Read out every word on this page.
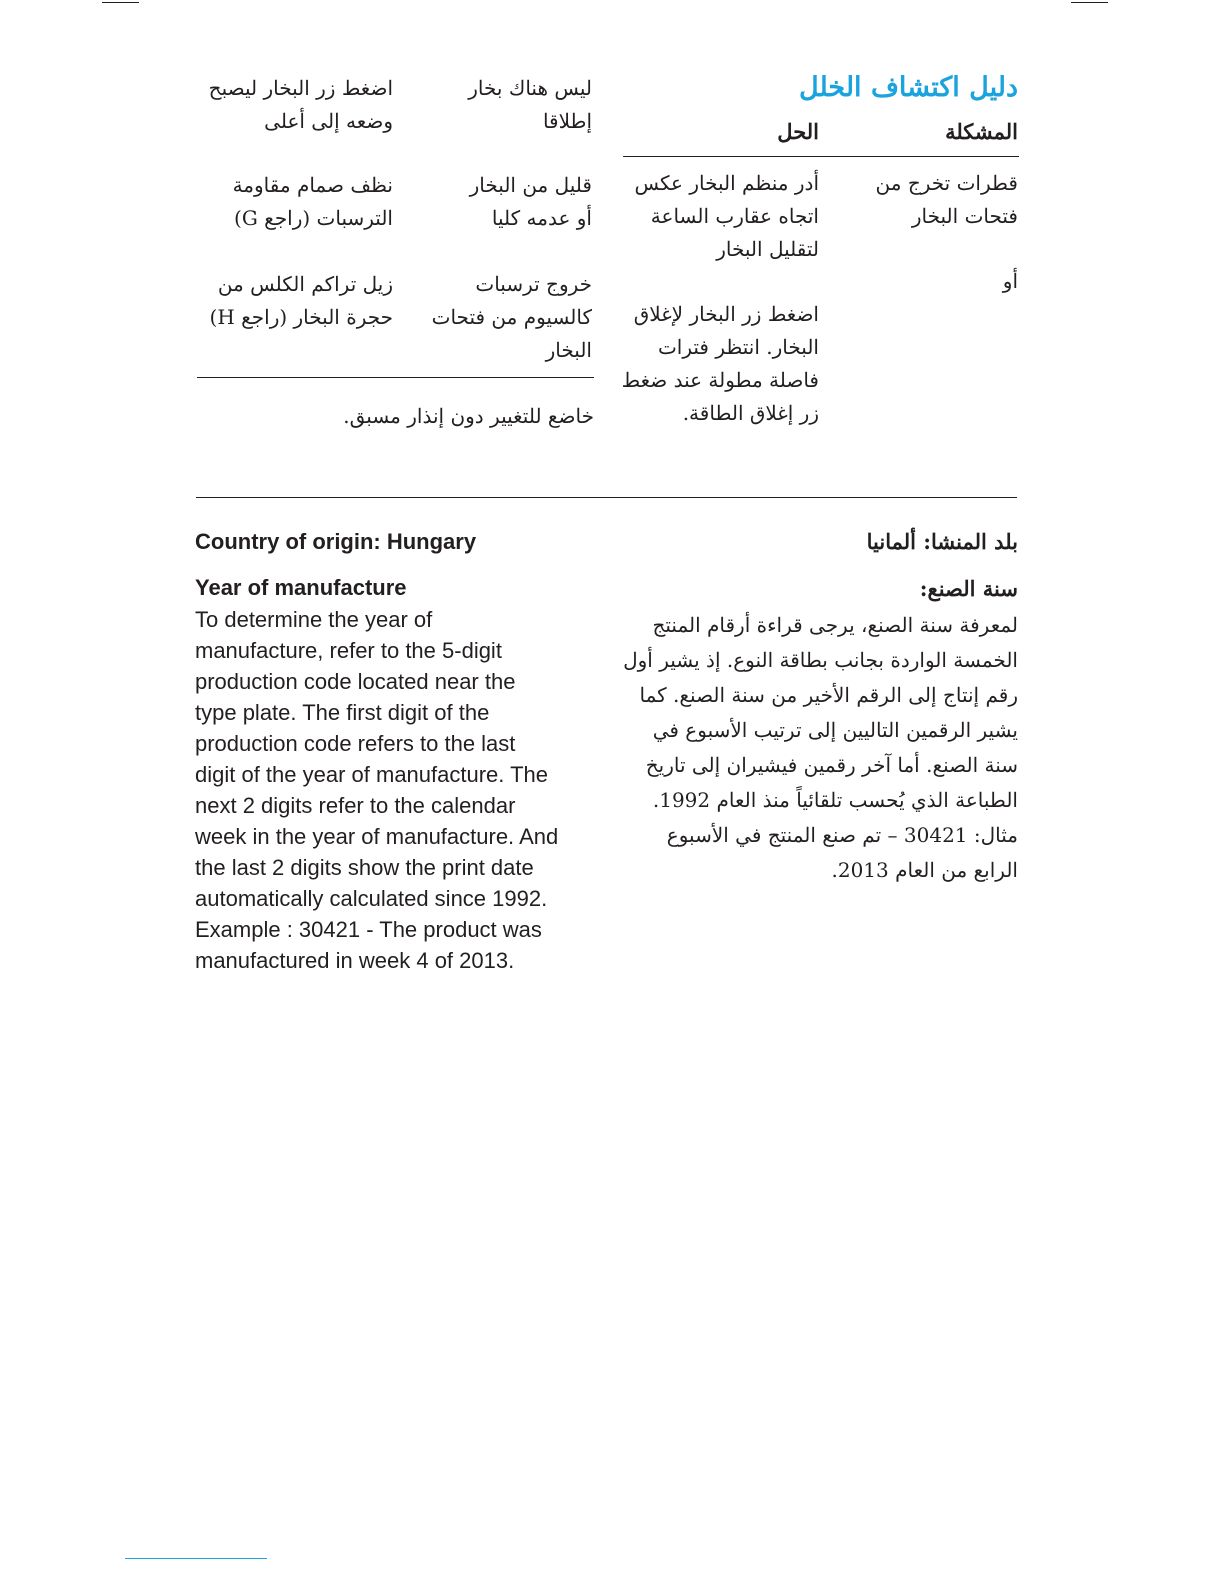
دليل اكتشاف الخلل
المشكلة
الحل
قطرات تخرج من
فتحات البخار
أدر منظم البخار عكس
اتجاه عقارب الساعة
لتقليل البخار
أو
اضغط زر البخار لإغلاق
البخار. انتظر فترات
فاصلة مطولة عند ضغط
زر إغلاق الطاقة.
ليس هناك بخار
إطلاقا
اضغط زر البخار ليصبح
وضعه إلى أعلى
قليل من البخار
أو عدمه كليا
نظف صمام مقاومة
الترسبات (راجع G)
خروج ترسبات
كالسيوم من فتحات
البخار
زيل تراكم الكلس من
حجرة البخار (راجع H)
خاضع للتغيير دون إنذار مسبق.
Country of origin: Hungary
Year of manufacture
To determine the year of
manufacture, refer to the 5-digit
production code located near the
type plate. The first digit of the
production code refers to the last
digit of the year of manufacture. The
next 2 digits refer to the calendar
week in the year of manufacture. And
the last 2 digits show the print date
automatically calculated since 1992.
Example : 30421 - The product was
manufactured in week 4 of 2013.
بلد المنشا: ألمانيا
سنة الصنع:
لمعرفة سنة الصنع، يرجى قراءة أرقام المنتج
الخمسة الواردة بجانب بطاقة النوع. إذ يشير أول
رقم إنتاج إلى الرقم الأخير من سنة الصنع. كما
يشير الرقمين التاليين إلى ترتيب الأسبوع في
سنة الصنع. أما آخر رقمين فيشيران إلى تاريخ
الطباعة الذي يُحسب تلقائياً منذ العام 1992.
مثال: 30421 – تم صنع المنتج في الأسبوع
الرابع من العام 2013.
